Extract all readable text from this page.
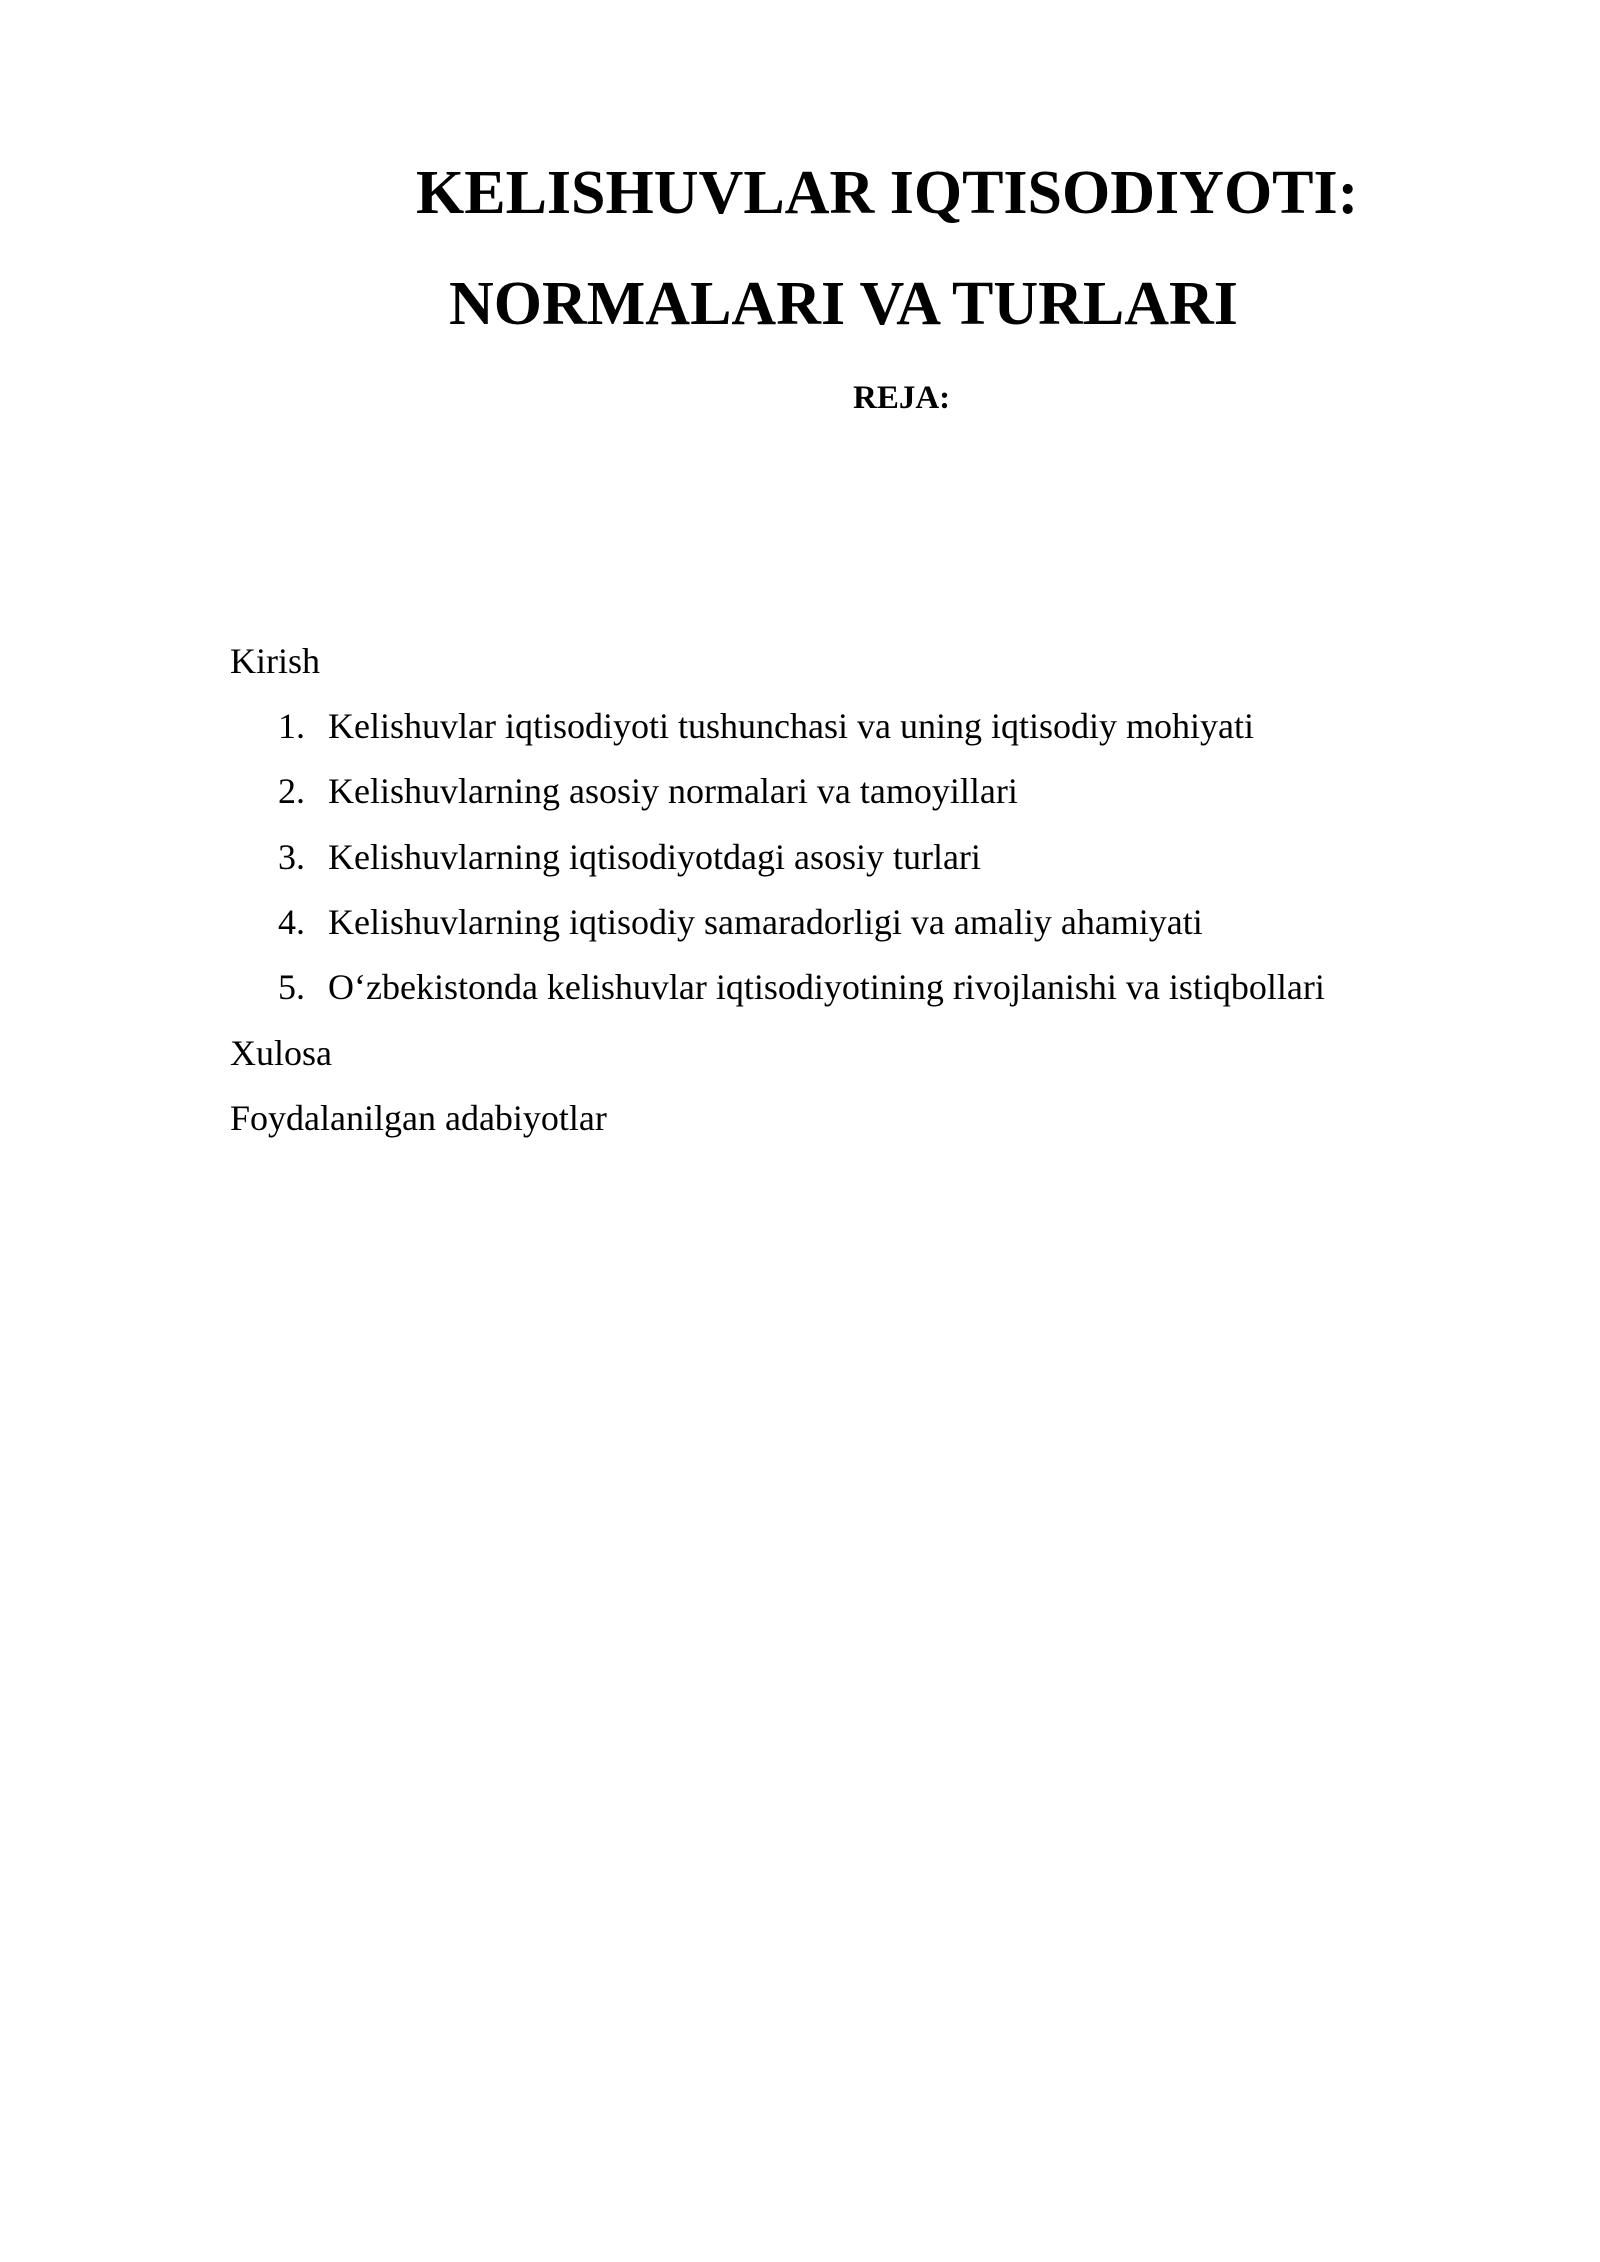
KELISHUVLAR IQTISODIYOTI:
NORMALARI VA TURLARI
REJA:
Kirish
1. Kelishuvlar iqtisodiyoti tushunchasi va uning iqtisodiy mohiyati
2. Kelishuvlarning asosiy normalari va tamoyillari
3. Kelishuvlarning iqtisodiyotdagi asosiy turlari
4. Kelishuvlarning iqtisodiy samaradorligi va amaliy ahamiyati
5. O‘zbekistonda kelishuvlar iqtisodiyotining rivojlanishi va istiqbollari
Xulosa
Foydalanilgan adabiyotlar
